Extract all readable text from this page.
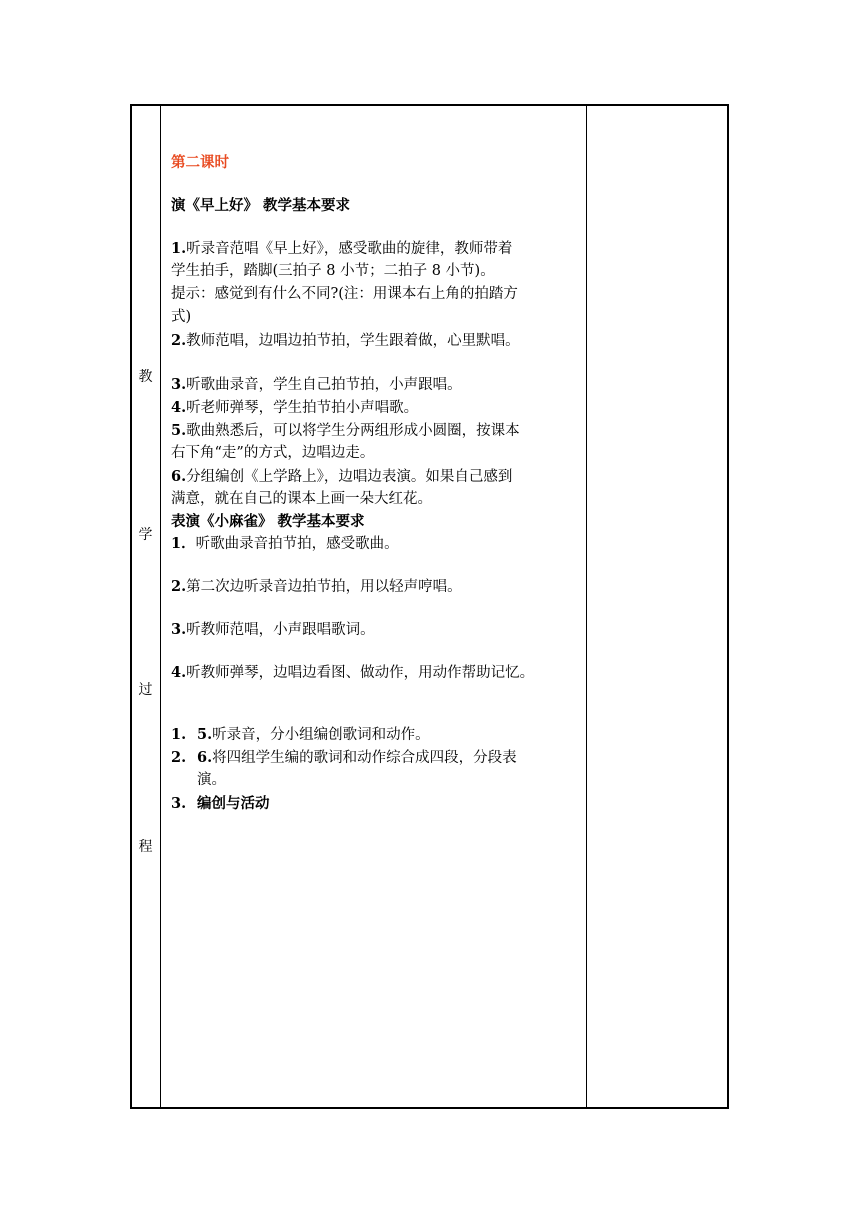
教
学
过
程
第二课时
演《早上好》 教学基本要求
1.听录音范唱《早上好》，感受歌曲的旋律，教师带着
学生拍手，踏脚(三拍子 8 小节；二拍子 8 小节)。
提示：感觉到有什么不同?(注：用课本右上角的拍踏方
式)
2.教师范唱，边唱边拍节拍，学生跟着做，心里默唱。
3.听歌曲录音，学生自己拍节拍，小声跟唱。
4.听老师弹琴，学生拍节拍小声唱歌。
5.歌曲熟悉后，可以将学生分两组形成小圆圈，按课本
右下角“走”的方式，边唱边走。
6.分组编创《上学路上》，边唱边表演。如果自己感到
满意，就在自己的课本上画一朵大红花。
表演《小麻雀》 教学基本要求
1．听歌曲录音拍节拍，感受歌曲。
2.第二次边听录音边拍节拍，用以轻声哼唱。
3.听教师范唱，小声跟唱歌词。
4.听教师弹琴，边唱边看图、做动作，用动作帮助记忆。
1. 5.听录音，分小组编创歌词和动作。
2. 6.将四组学生编的歌词和动作综合成四段，分段表
演。
3. 编创与活动
